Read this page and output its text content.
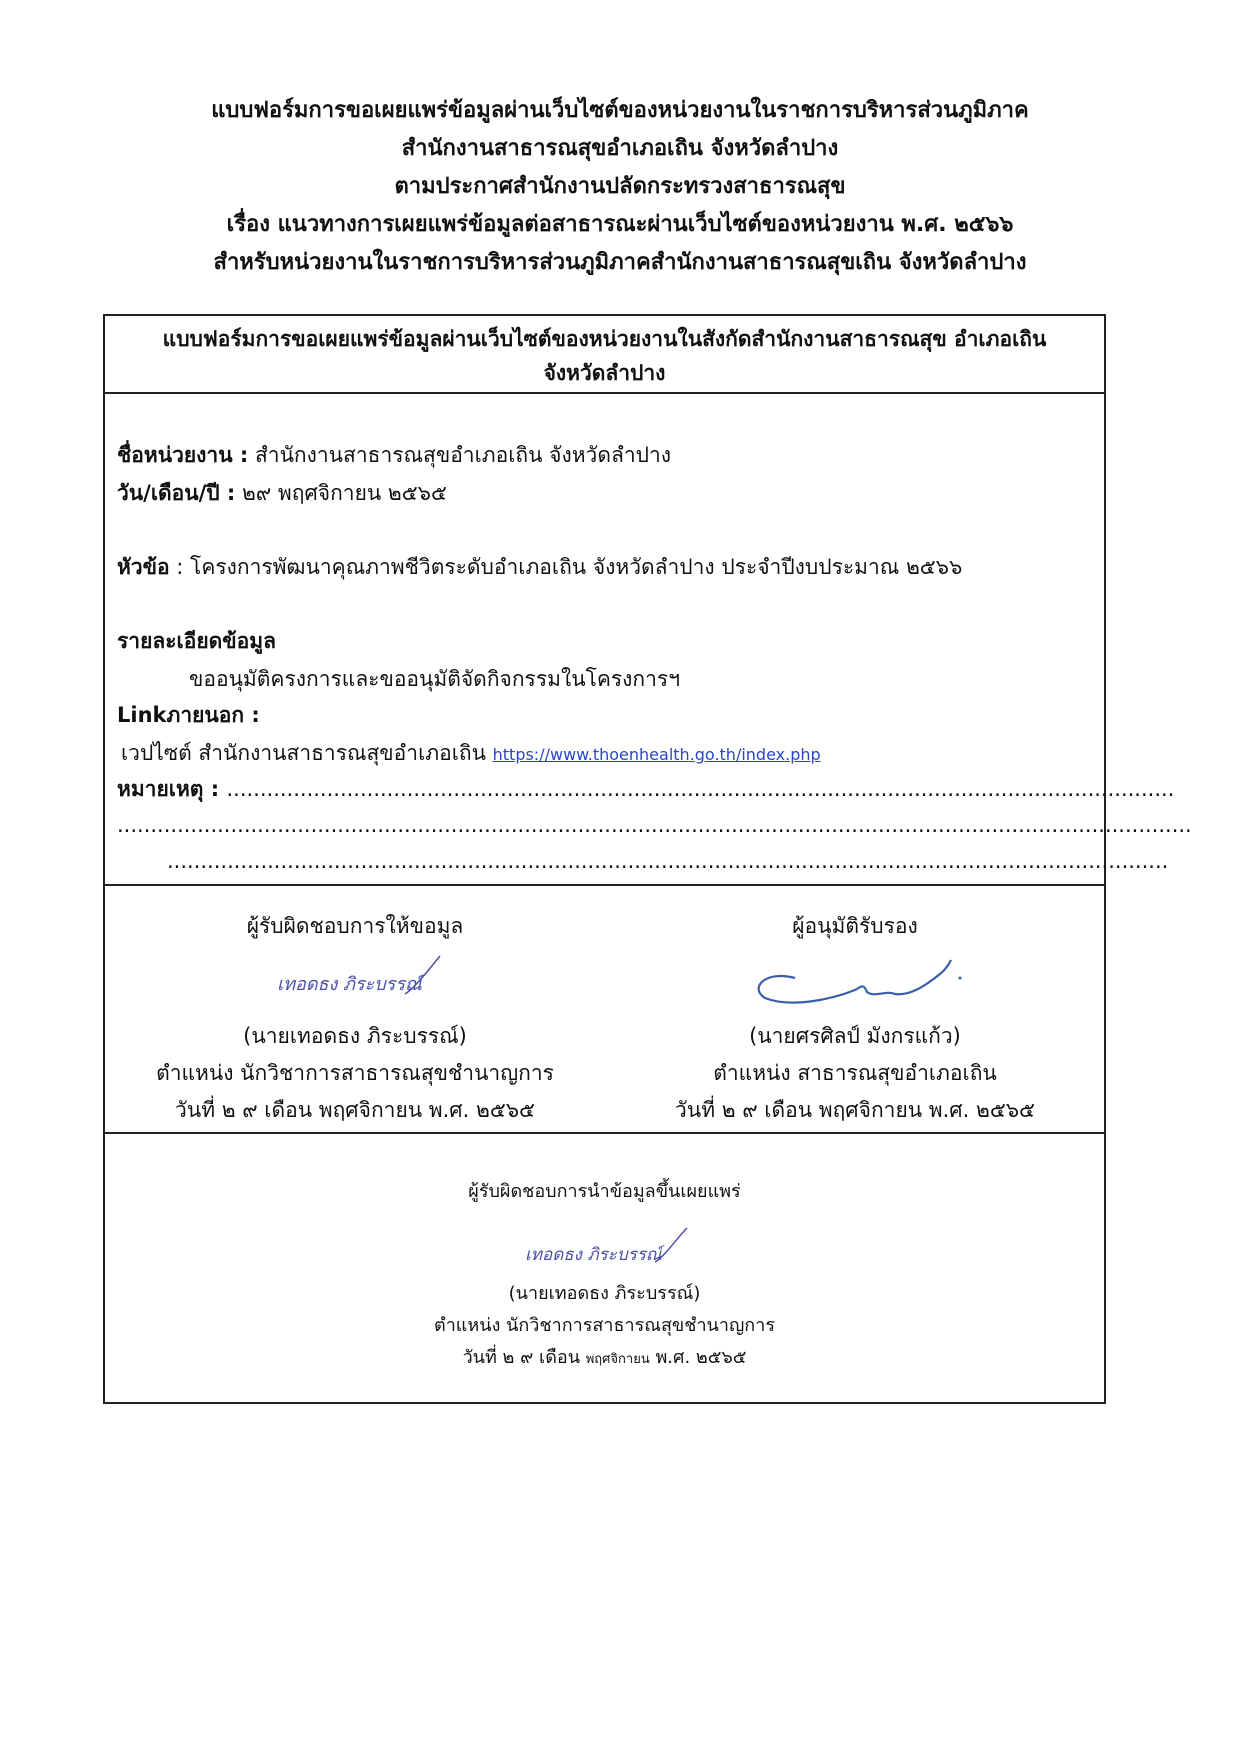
แบบฟอร์มการขอเผยแพร่ข้อมูลผ่านเว็บไซต์ของหน่วยงานในราชการบริหารส่วนภูมิภาค
สำนักงานสาธารณสุขอำเภอเถิน จังหวัดลำปาง
ตามประกาศสำนักงานปลัดกระทรวงสาธารณสุข
เรื่อง แนวทางการเผยแพร่ข้อมูลต่อสาธารณะผ่านเว็บไซต์ของหน่วยงาน พ.ศ. ๒๕๖๖
สำหรับหน่วยงานในราชการบริหารส่วนภูมิภาคสำนักงานสาธารณสุขเถิน จังหวัดลำปาง
แบบฟอร์มการขอเผยแพร่ข้อมูลผ่านเว็บไซต์ของหน่วยงานในสังกัดสำนักงานสาธารณสุข อำเภอเถิน
จังหวัดลำปาง
ชื่อหน่วยงาน : สำนักงานสาธารณสุขอำเภอเถิน จังหวัดลำปาง
วัน/เดือน/ปี : ๒๙ พฤศจิกายน ๒๕๖๕
หัวข้อ : โครงการพัฒนาคุณภาพชีวิตระดับอำเภอเถิน จังหวัดลำปาง ประจำปีงบประมาณ ๒๕๖๖
รายละเอียดข้อมูล
ขออนุมัติครงการและขออนุมัติจัดกิจกรรมในโครงการฯ
Linkภายนอก :
เวปไซต์ สำนักงานสาธารณสุขอำเภอเถิน https://www.thoenhealth.go.th/index.php
หมายเหตุ : ..............................................................................................................................................
.................................................................................................................................................................
......................................................................................................................................................
ผู้รับผิดชอบการให้ขอมูล
เทอดธง ภิระบรรณ์
(นายเทอดธง ภิระบรรณ์)
ตำแหน่ง นักวิชาการสาธารณสุขชำนาญการ
วันที่ ๒ ๙ เดือน พฤศจิกายน พ.ศ. ๒๕๖๕
ผู้อนุมัติรับรอง
(นายศรศิลป์ มังกรแก้ว)
ตำแหน่ง สาธารณสุขอำเภอเถิน
วันที่ ๒ ๙ เดือน พฤศจิกายน พ.ศ. ๒๕๖๕
ผู้รับผิดชอบการนำข้อมูลขึ้นเผยแพร่
เทอดธง ภิระบรรณ์
(นายเทอดธง ภิระบรรณ์)
ตำแหน่ง นักวิชาการสาธารณสุขชำนาญการ
วันที่ ๒ ๙ เดือน พฤศจิกายน พ.ศ. ๒๕๖๕
